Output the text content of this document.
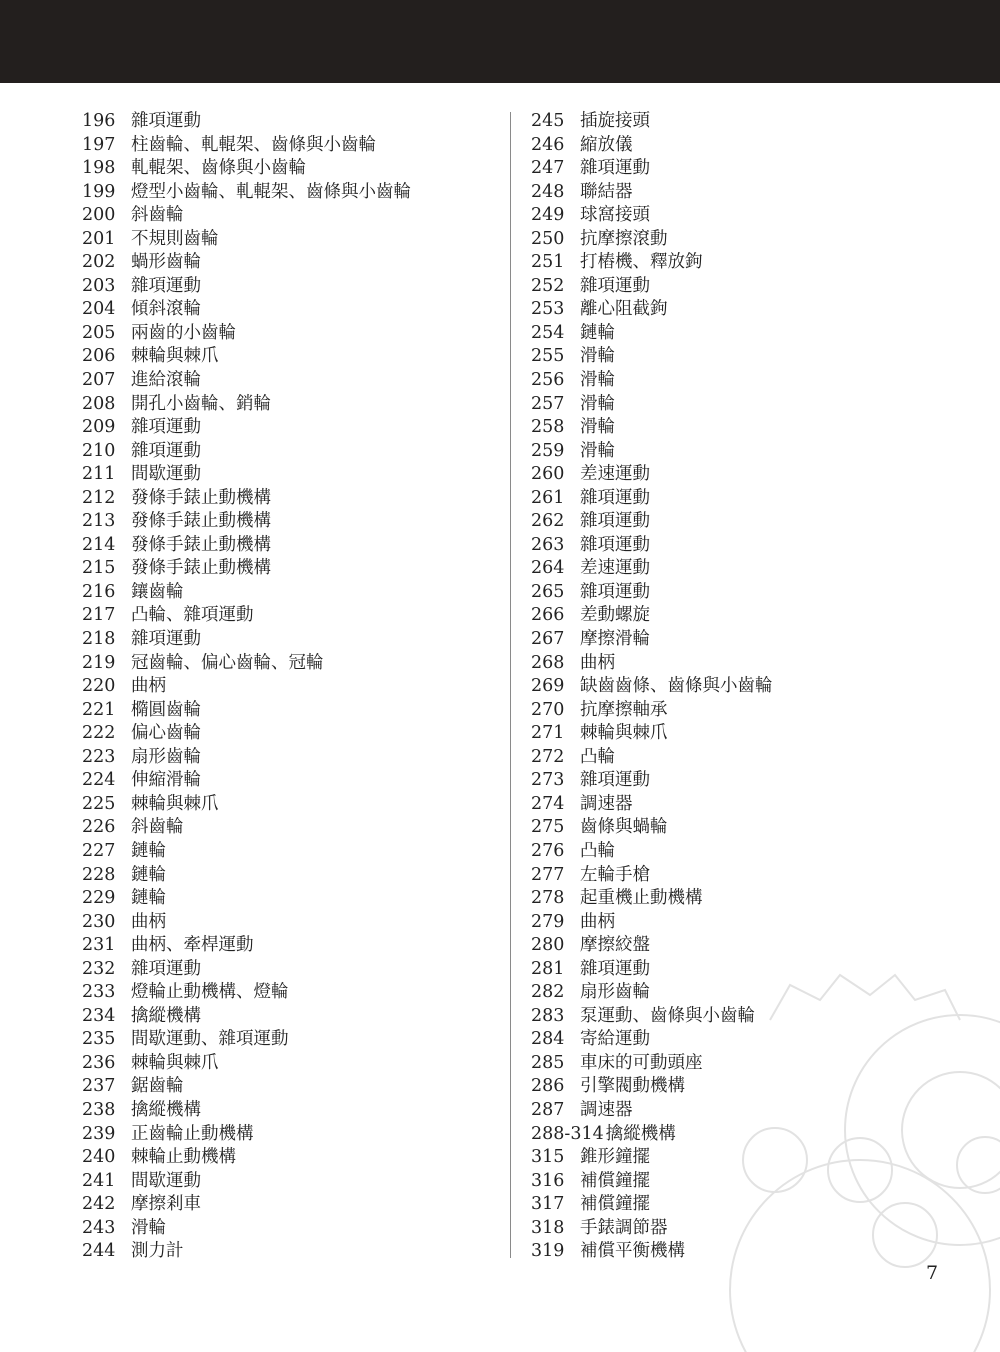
196 雜項運動
197 柱齒輪、軋輥架、齒條與小齒輪
198 軋輥架、齒條與小齒輪
199 燈型小齒輪、軋輥架、齒條與小齒輪
200 斜齒輪
201 不規則齒輪
202 蝸形齒輪
203 雜項運動
204 傾斜滾輪
205 兩齒的小齒輪
206 棘輪與棘爪
207 進給滾輪
208 開孔小齒輪、銷輪
209 雜項運動
210 雜項運動
211 間歇運動
212 發條手錶止動機構
213 發條手錶止動機構
214 發條手錶止動機構
215 發條手錶止動機構
216 鑲齒輪
217 凸輪、雜項運動
218 雜項運動
219 冠齒輪、偏心齒輪、冠輪
220 曲柄
221 橢圓齒輪
222 偏心齒輪
223 扇形齒輪
224 伸縮滑輪
225 棘輪與棘爪
226 斜齒輪
227 鏈輪
228 鏈輪
229 鏈輪
230 曲柄
231 曲柄、牽桿運動
232 雜項運動
233 燈輪止動機構、燈輪
234 擒縱機構
235 間歇運動、雜項運動
236 棘輪與棘爪
237 鋸齒輪
238 擒縱機構
239 正齒輪止動機構
240 棘輪止動機構
241 間歇運動
242 摩擦剎車
243 滑輪
244 測力計
245 插旋接頭
246 縮放儀
247 雜項運動
248 聯結器
249 球窩接頭
250 抗摩擦滾動
251 打樁機、釋放鉤
252 雜項運動
253 離心阻截鉤
254 鏈輪
255 滑輪
256 滑輪
257 滑輪
258 滑輪
259 滑輪
260 差速運動
261 雜項運動
262 雜項運動
263 雜項運動
264 差速運動
265 雜項運動
266 差動螺旋
267 摩擦滑輪
268 曲柄
269 缺齒齒條、齒條與小齒輪
270 抗摩擦軸承
271 棘輪與棘爪
272 凸輪
273 雜項運動
274 調速器
275 齒條與蝸輪
276 凸輪
277 左輪手槍
278 起重機止動機構
279 曲柄
280 摩擦絞盤
281 雜項運動
282 扇形齒輪
283 泵運動、齒條與小齒輪
284 寄給運動
285 車床的可動頭座
286 引擎閥動機構
287 調速器
288-314 擒縱機構
315 錐形鐘擺
316 補償鐘擺
317 補償鐘擺
318 手錶調節器
319 補償平衡機構
7
